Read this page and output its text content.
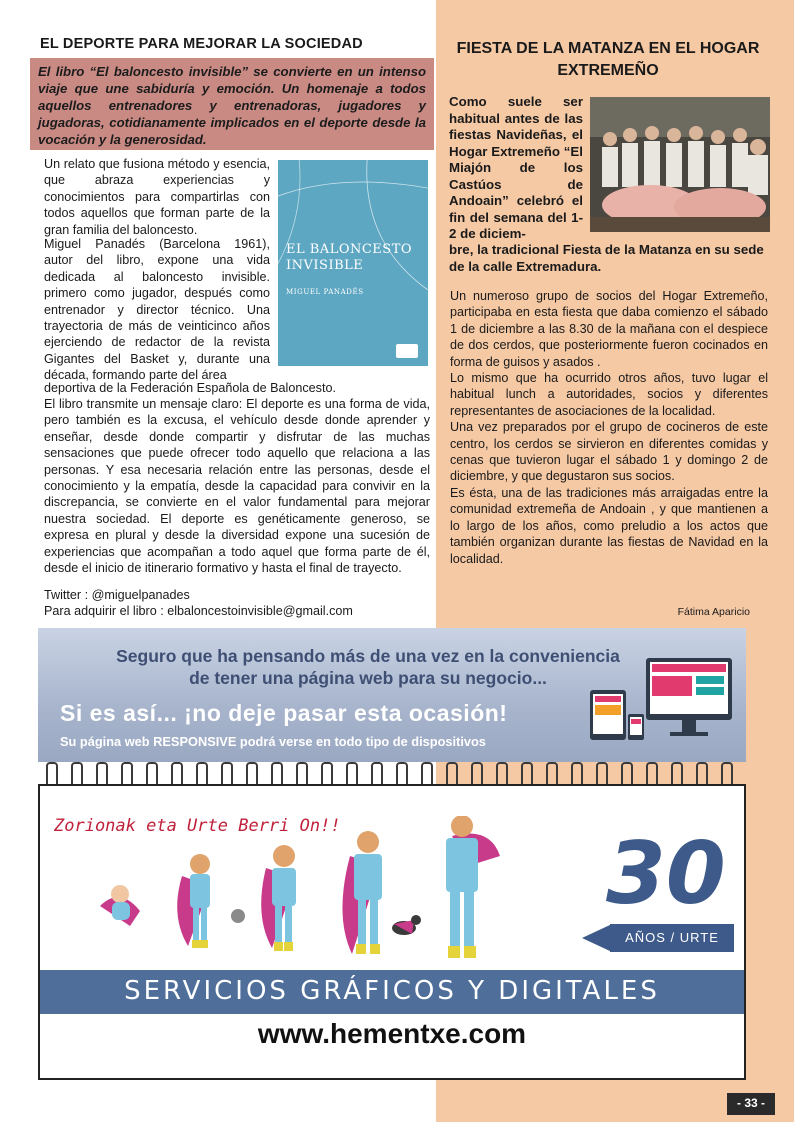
EL DEPORTE PARA MEJORAR LA SOCIEDAD
El libro “El baloncesto invisible” se convierte en un intenso viaje que une sabiduría y emoción. Un homenaje a todos aquellos entrenadores y entrenadoras, jugadores y jugadoras, cotidianamente implicados en el deporte desde la vocación y la generosidad.
Un relato que fusiona método y esencia, que abraza experiencias y conocimientos para compartirlas con todos aquellos que forman parte de la gran familia del baloncesto.
Miguel Panadés (Barcelona 1961), autor del libro, expone una vida dedicada al baloncesto invisible. primero como jugador, después como entrenador y director técnico. Una trayectoria de más de veinticinco años ejerciendo de redactor de la revista Gigantes del Basket y, durante una década, formando parte del área
deportiva de la Federación Española de Baloncesto.
El libro transmite un mensaje claro: El deporte es una forma de vida, pero también es la excusa, el vehículo desde donde aprender y enseñar, desde donde compartir y disfrutar de las muchas sensaciones que puede ofrecer todo aquello que relaciona a las personas. Y esa necesaria relación entre las personas, desde el conocimiento y la empatía, desde la capacidad para convivir en la discrepancia, se convierte en el valor fundamental para mejorar nuestra sociedad. El deporte es genéticamente generoso, se expresa en plural y desde la diversidad expone una sucesión de experiencias que acompañan a todo aquel que forma parte de él, desde el inicio de itinerario formativo y hasta el final de trayecto.
Twitter : @miguelpanades
Para adquirir el libro : elbaloncestoinvisible@gmail.com
EL BALONCESTO INVISIBLE
MIGUEL PANADÉS
FIESTA DE LA MATANZA EN EL HOGAR EXTREMEÑO
Como suele ser habitual antes de las fiestas Navideñas, el Hogar Extremeño “El Miajón de los Castúos de Andoain” celebró el fin del semana del 1-2 de diciem-
bre, la tradicional Fiesta de la Matanza en su sede de la calle Extremadura.
Un numeroso grupo de socios del Hogar Extremeño, participaba en esta fiesta que daba comienzo el sábado 1 de diciembre a las 8.30 de la mañana con el despiece de dos cerdos, que posteriormente fueron cocinados en forma de guisos y asados .
Lo mismo que ha ocurrido otros años, tuvo lugar el habitual lunch a autoridades, socios y diferentes representantes de asociaciones de la localidad.
Una vez preparados por el grupo de cocineros de este centro, los cerdos se sirvieron en diferentes comidas y cenas que tuvieron lugar el sábado 1 y domingo 2 de diciembre, y que degustaron sus socios.
Es ésta, una de las tradiciones más arraigadas entre la comunidad extremeña de Andoain , y que mantienen a lo largo de los años, como preludio a los actos que también organizan durante las fiestas de Navidad en la localidad.
Fátima Aparicio
Seguro que ha pensando más de una vez en la conveniencia
de tener una página web para su negocio...
Si es así... ¡no deje pasar esta ocasión!
Su página web RESPONSIVE podrá verse en todo tipo de dispositivos
Zorionak eta Urte Berri On!!	30
AÑOS / URTE
SERVICIOS GRÁFICOS Y DIGITALES
www.hementxe.com
- 33 -
